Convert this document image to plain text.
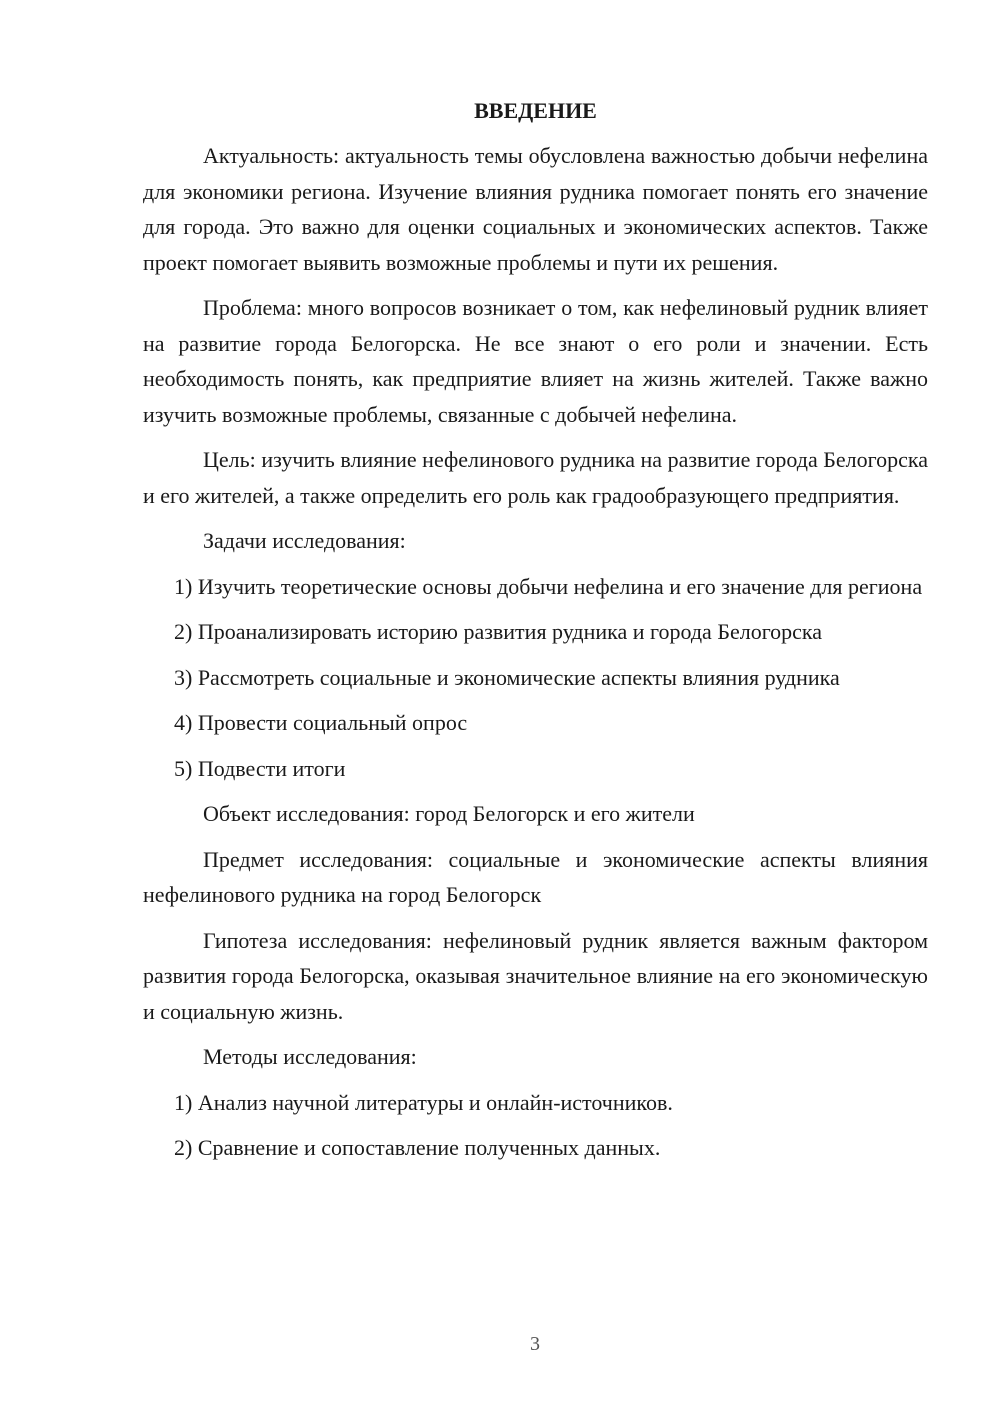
ВВЕДЕНИЕ

Актуальность: актуальность темы обусловлена важностью добычи нефелина для экономики региона. Изучение влияния рудника помогает понять его значение для города. Это важно для оценки социальных и экономических аспектов. Также проект помогает выявить возможные проблемы и пути их решения.

Проблема: много вопросов возникает о том, как нефелиновый рудник влияет на развитие города Белогорска. Не все знают о его роли и значении. Есть необходимость понять, как предприятие влияет на жизнь жителей. Также важно изучить возможные проблемы, связанные с добычей нефелина.

Цель: изучить влияние нефелинового рудника на развитие города Белогорска и его жителей, а также определить его роль как градообразующего предприятия.

Задачи исследования:

1) Изучить теоретические основы добычи нефелина и его значение для региона

2) Проанализировать историю развития рудника и города Белогорска

3) Рассмотреть социальные и экономические аспекты влияния рудника

4) Провести социальный опрос

5) Подвести итоги

Объект исследования: город Белогорск и его жители

Предмет исследования: социальные и экономические аспекты влияния нефелинового рудника на город Белогорск

Гипотеза исследования: нефелиновый рудник является важным фактором развития города Белогорска, оказывая значительное влияние на его экономическую и социальную жизнь.

Методы исследования:

1) Анализ научной литературы и онлайн-источников.

2) Сравнение и сопоставление полученных данных.

3
